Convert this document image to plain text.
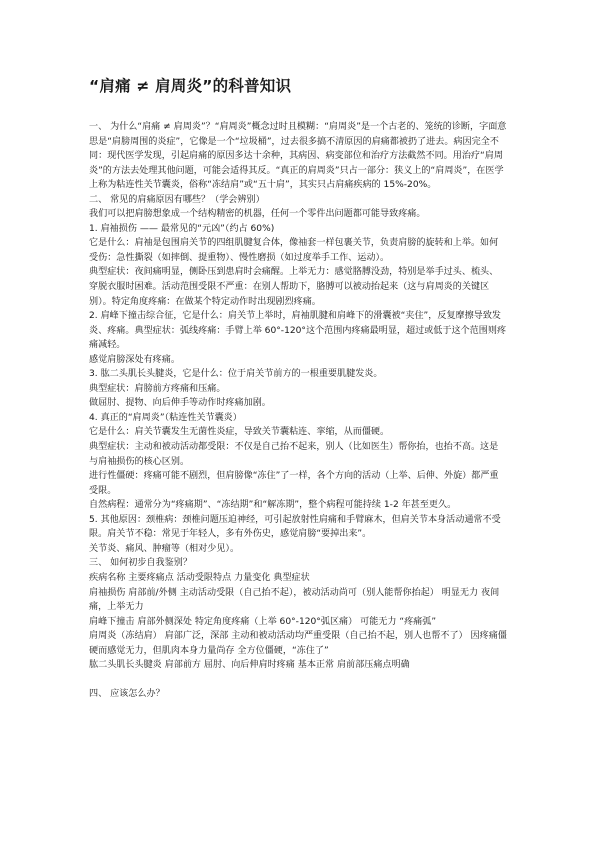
“肩痛 ≠ 肩周炎”的科普知识

一、 为什么“肩痛 ≠ 肩周炎”？“肩周炎”概念过时且模糊：“肩周炎”是一个古老的、笼统的诊断，字面意思是“肩膀周围的炎症”，它像是一个“垃圾桶”，过去很多搞不清原因的肩痛都被扔了进去。病因完全不同：现代医学发现，引起肩痛的原因多达十余种，其病因、病变部位和治疗方法截然不同。用治疗“肩周炎”的方法去处理其他问题，可能会适得其反。“真正的肩周炎”只占一部分：狭义上的“肩周炎”，在医学上称为粘连性关节囊炎，俗称“冻结肩”或“五十肩”，其实只占肩痛疾病的 15%-20%。

二、 常见的肩痛原因有哪些？（学会辨别）

我们可以把肩膀想象成一个结构精密的机器，任何一个零件出问题都可能导致疼痛。

1. 肩袖损伤 —— 最常见的“元凶”（约占 60%)

它是什么：肩袖是包围肩关节的四组肌腱复合体，像袖套一样包裹关节，负责肩膀的旋转和上举。如何受伤：急性撕裂（如摔倒、提重物）、慢性磨损（如过度举手工作、运动）。

典型症状：夜间痛明显，侧卧压到患肩时会痛醒。上举无力：感觉胳膊没劲，特别是举手过头、梳头、穿脱衣服时困难。活动范围受限不严重：在别人帮助下，胳膊可以被动抬起来（这与肩周炎的关键区别）。特定角度疼痛：在做某个特定动作时出现剧烈疼痛。

2. 肩峰下撞击综合征，它是什么：肩关节上举时，肩袖肌腱和肩峰下的滑囊被“夹住”，反复摩擦导致发炎、疼痛。典型症状：弧线疼痛：手臂上举 60°-120°这个范围内疼痛最明显，超过或低于这个范围则疼痛减轻。

感觉肩膀深处有疼痛。

3. 肱二头肌长头腱炎，它是什么：位于肩关节前方的一根重要肌腱发炎。

典型症状：肩膀前方疼痛和压痛。

做屈肘、提物、向后伸手等动作时疼痛加剧。

4. 真正的“肩周炎”（粘连性关节囊炎）

它是什么：肩关节囊发生无菌性炎症，导致关节囊粘连、挛缩，从而僵硬。

典型症状：主动和被动活动都受限：不仅是自己抬不起来，别人（比如医生）帮你抬，也抬不高。这是与肩袖损伤的核心区别。

进行性僵硬：疼痛可能不剧烈，但肩膀像“冻住”了一样，各个方向的活动（上举、后伸、外旋）都严重受限。

自然病程：通常分为“疼痛期”、“冻结期”和“解冻期”，整个病程可能持续 1-2 年甚至更久。

5. 其他原因：颈椎病：颈椎问题压迫神经，可引起放射性肩痛和手臂麻木，但肩关节本身活动通常不受限。肩关节不稳：常见于年轻人，多有外伤史，感觉肩膀“要掉出来”。

关节炎、痛风、肿瘤等（相对少见）。

三、 如何初步自我鉴别？

疾病名称 主要疼痛点 活动受限特点 力量变化 典型症状

肩袖损伤 肩部前/外侧 主动活动受限（自己抬不起），被动活动尚可（别人能帮你抬起） 明显无力 夜间痛，上举无力

肩峰下撞击 肩部外侧深处 特定角度疼痛（上举 60°-120°弧区痛） 可能无力 “疼痛弧”

肩周炎（冻结肩） 肩部广泛，深部 主动和被动活动均严重受限（自己抬不起，别人也帮不了） 因疼痛僵硬而感觉无力，但肌肉本身力量尚存 全方位僵硬，“冻住了”

肱二头肌长头腱炎 肩部前方 屈肘、向后伸肩时疼痛 基本正常 肩前部压痛点明确

四、 应该怎么办？
